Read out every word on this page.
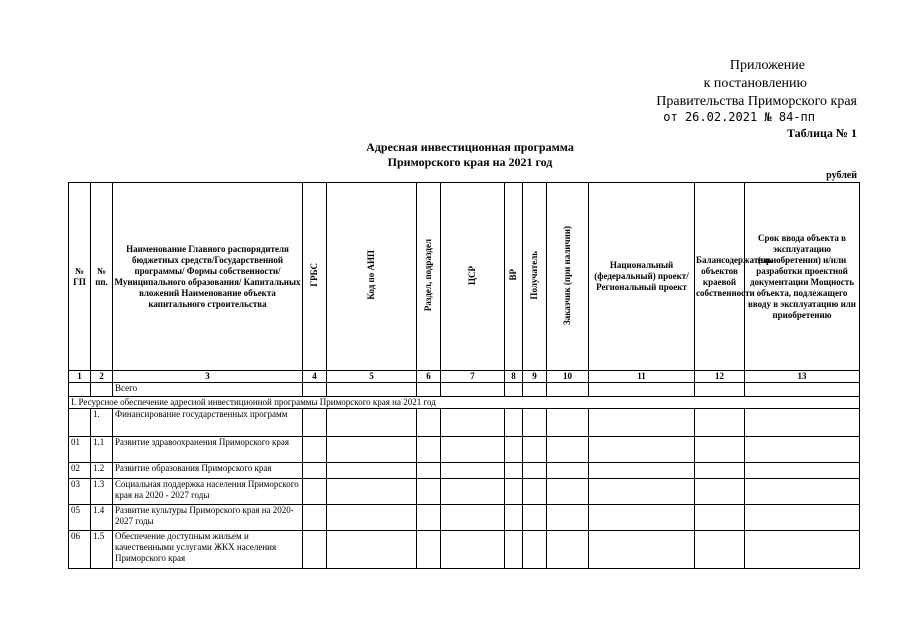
Приложение
к постановлению
Правительства Приморского края
от 26.02.2021 № 84-пп
Таблица № 1
Адресная инвестиционная программа
Приморского края на 2021 год
рублей
№ ГП	№ пп.	Наименование Главного распорядителя бюджетных средств/Государственной программы/ Формы собственности/ Муниципального образования/ Капитальных вложений Наименование объекта капитального строительства	ГРБС	Код по АИП	Раздел, подраздел	ЦСР	ВР	Получатель	Заказчик (при наличии)	Национальный (федеральный) проект/Региональный проект	Балансодержатель объектов краевой собственности	Срок ввода объекта в эксплуатацию (приобретения) и/или разработки проектной документации Мощность объекта, подлежащего вводу в эксплуатацию или приобретению
1	2	3	4	5	6	7	8	9	10	11	12	13
		Всего										
I. Ресурсное обеспечение адресной инвестиционной программы Приморского края на 2021 год												
	1.	Финансирование государственных программ										
01	1.1	Развитие здравоохранения Приморского края										
02	1.2	Развитие образования Приморского края										
03	1.3	Социальная поддержка населения Приморского края на 2020 - 2027 годы										
05	1.4	Развитие культуры Приморского края на 2020-2027 годы										
06	1.5	Обеспечение доступным жильем и качественными услугами ЖКХ населения Приморского края										
